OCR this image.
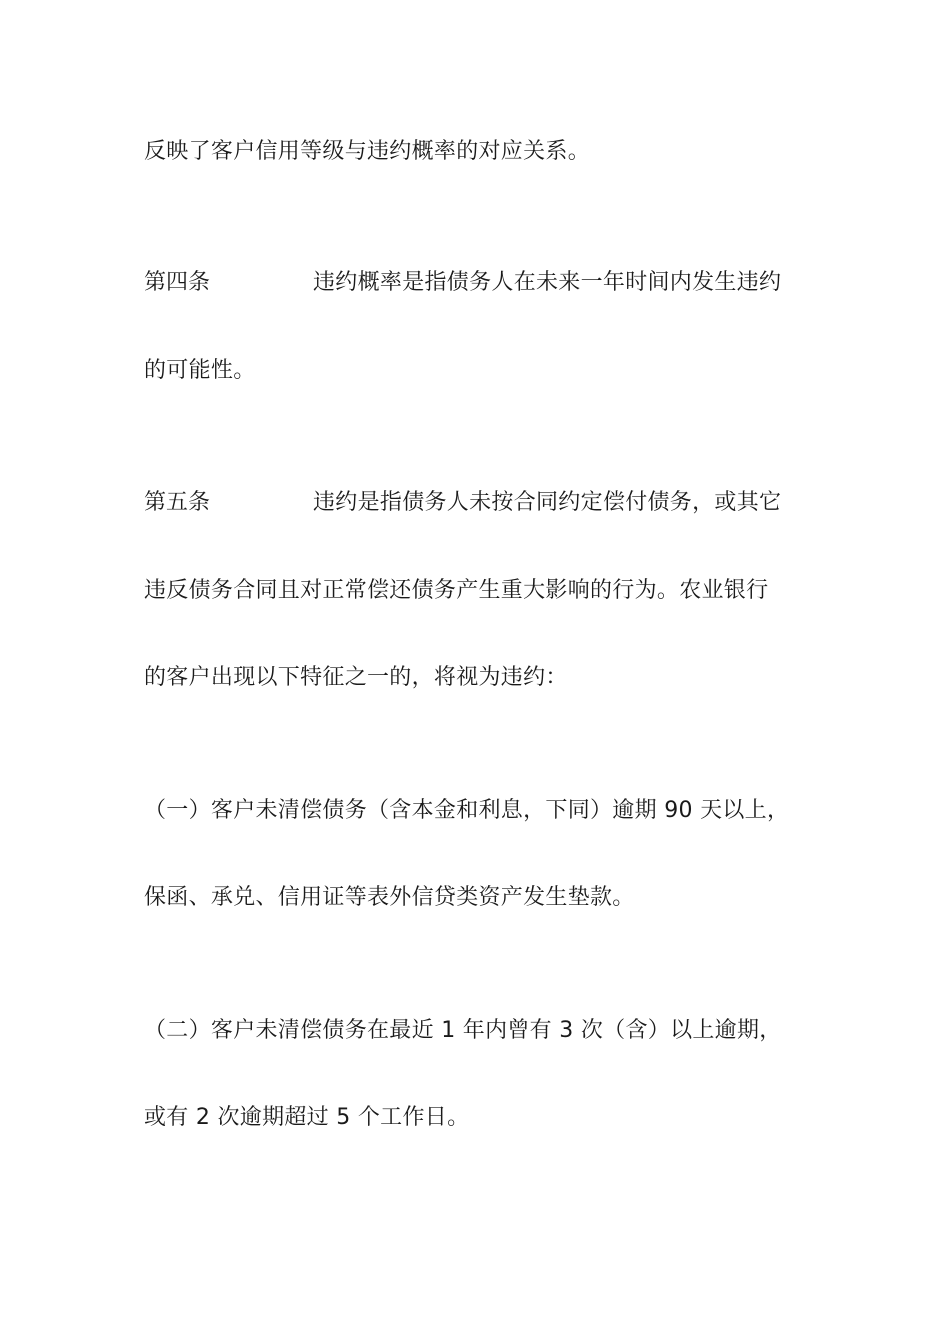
反映了客户信用等级与违约概率的对应关系。
第四条	违约概率是指债务人在未来一年时间内发生违约
的可能性。
第五条	违约是指债务人未按合同约定偿付债务，或其它
违反债务合同且对正常偿还债务产生重大影响的行为。农业银行
的客户出现以下特征之一的，将视为违约：
（一）客户未清偿债务（含本金和利息，下同）逾期 90 天以上，
保函、承兑、信用证等表外信贷类资产发生垫款。
（二）客户未清偿债务在最近 1 年内曾有 3 次（含）以上逾期，
或有 2 次逾期超过 5 个工作日。
